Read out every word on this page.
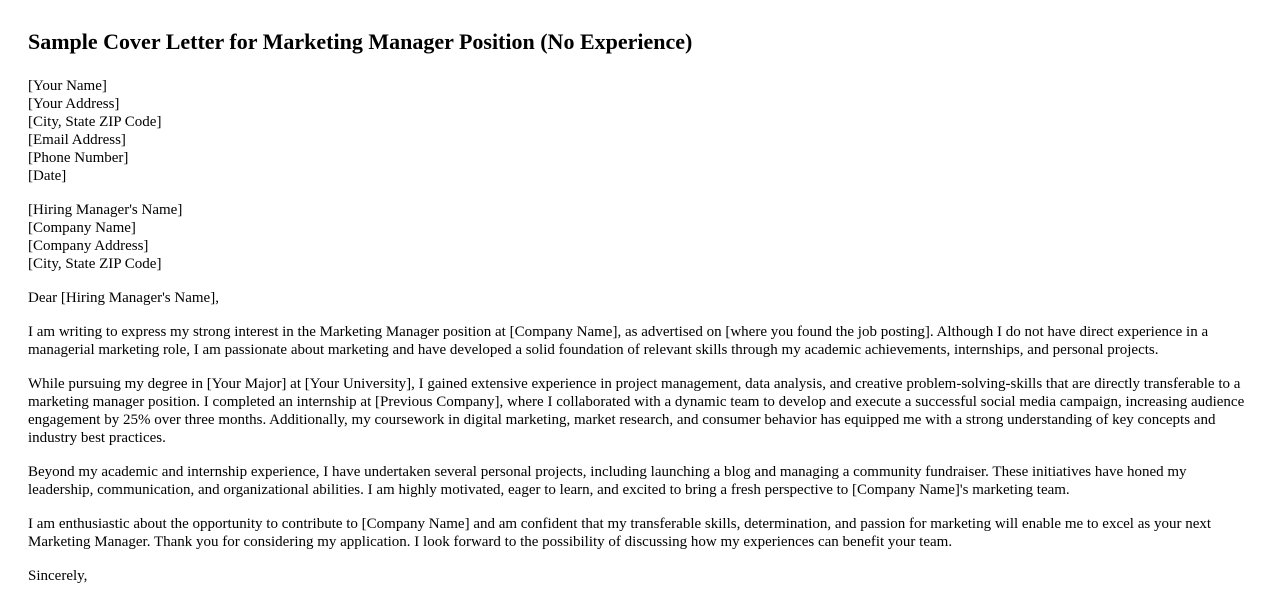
Sample Cover Letter for Marketing Manager Position (No Experience)
[Your Name]
[Your Address]
[City, State ZIP Code]
[Email Address]
[Phone Number]
[Date]
[Hiring Manager's Name]
[Company Name]
[Company Address]
[City, State ZIP Code]

Dear [Hiring Manager's Name],

I am writing to express my strong interest in the Marketing Manager position at [Company Name], as advertised on [where you found the job posting]. Although I do not have direct experience in a managerial marketing role, I am passionate about marketing and have developed a solid foundation of relevant skills through my academic achievements, internships, and personal projects.

While pursuing my degree in [Your Major] at [Your University], I gained extensive experience in project management, data analysis, and creative problem-solving-skills that are directly transferable to a marketing manager position. I completed an internship at [Previous Company], where I collaborated with a dynamic team to develop and execute a successful social media campaign, increasing audience engagement by 25% over three months. Additionally, my coursework in digital marketing, market research, and consumer behavior has equipped me with a strong understanding of key concepts and industry best practices.

Beyond my academic and internship experience, I have undertaken several personal projects, including launching a blog and managing a community fundraiser. These initiatives have honed my leadership, communication, and organizational abilities. I am highly motivated, eager to learn, and excited to bring a fresh perspective to [Company Name]'s marketing team.

I am enthusiastic about the opportunity to contribute to [Company Name] and am confident that my transferable skills, determination, and passion for marketing will enable me to excel as your next Marketing Manager. Thank you for considering my application. I look forward to the possibility of discussing how my experiences can benefit your team.

Sincerely,
